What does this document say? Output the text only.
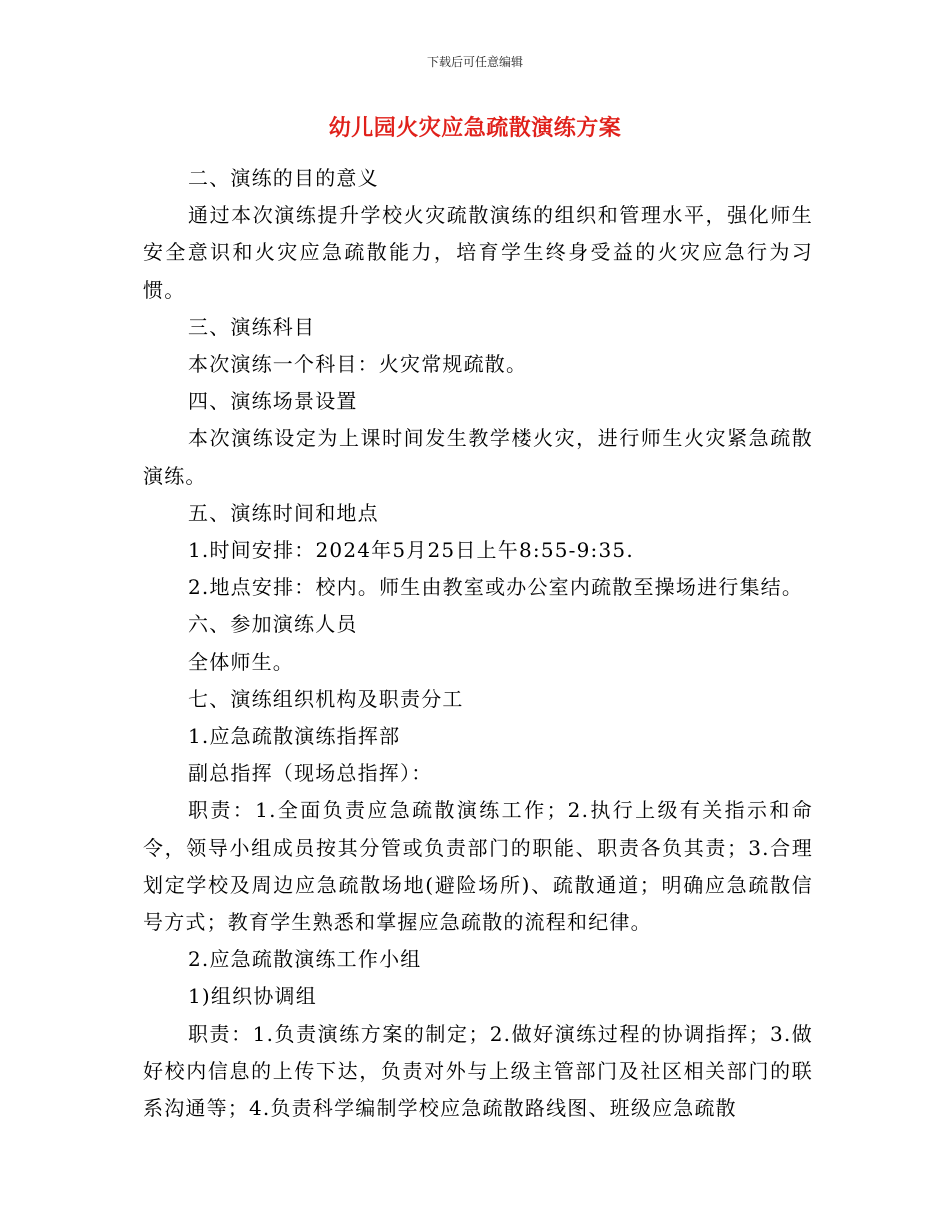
下载后可任意编辑
幼儿园火灾应急疏散演练方案

二、演练的目的意义

通过本次演练提升学校火灾疏散演练的组织和管理水平，强化师生安全意识和火灾应急疏散能力，培育学生终身受益的火灾应急行为习惯。

三、演练科目

本次演练一个科目：火灾常规疏散。

四、演练场景设置

本次演练设定为上课时间发生教学楼火灾，进行师生火灾紧急疏散演练。

五、演练时间和地点

1.时间安排：2024年5月25日上午8:55-9:35.

2.地点安排：校内。师生由教室或办公室内疏散至操场进行集结。

六、参加演练人员

全体师生。

七、演练组织机构及职责分工

1.应急疏散演练指挥部

副总指挥（现场总指挥）：

职责：1.全面负责应急疏散演练工作；2.执行上级有关指示和命令，领导小组成员按其分管或负责部门的职能、职责各负其责；3.合理划定学校及周边应急疏散场地(避险场所)、疏散通道；明确应急疏散信号方式；教育学生熟悉和掌握应急疏散的流程和纪律。

2.应急疏散演练工作小组

1)组织协调组

职责：1.负责演练方案的制定；2.做好演练过程的协调指挥；3.做好校内信息的上传下达，负责对外与上级主管部门及社区相关部门的联系沟通等；4.负责科学编制学校应急疏散路线图、班级应急疏散
